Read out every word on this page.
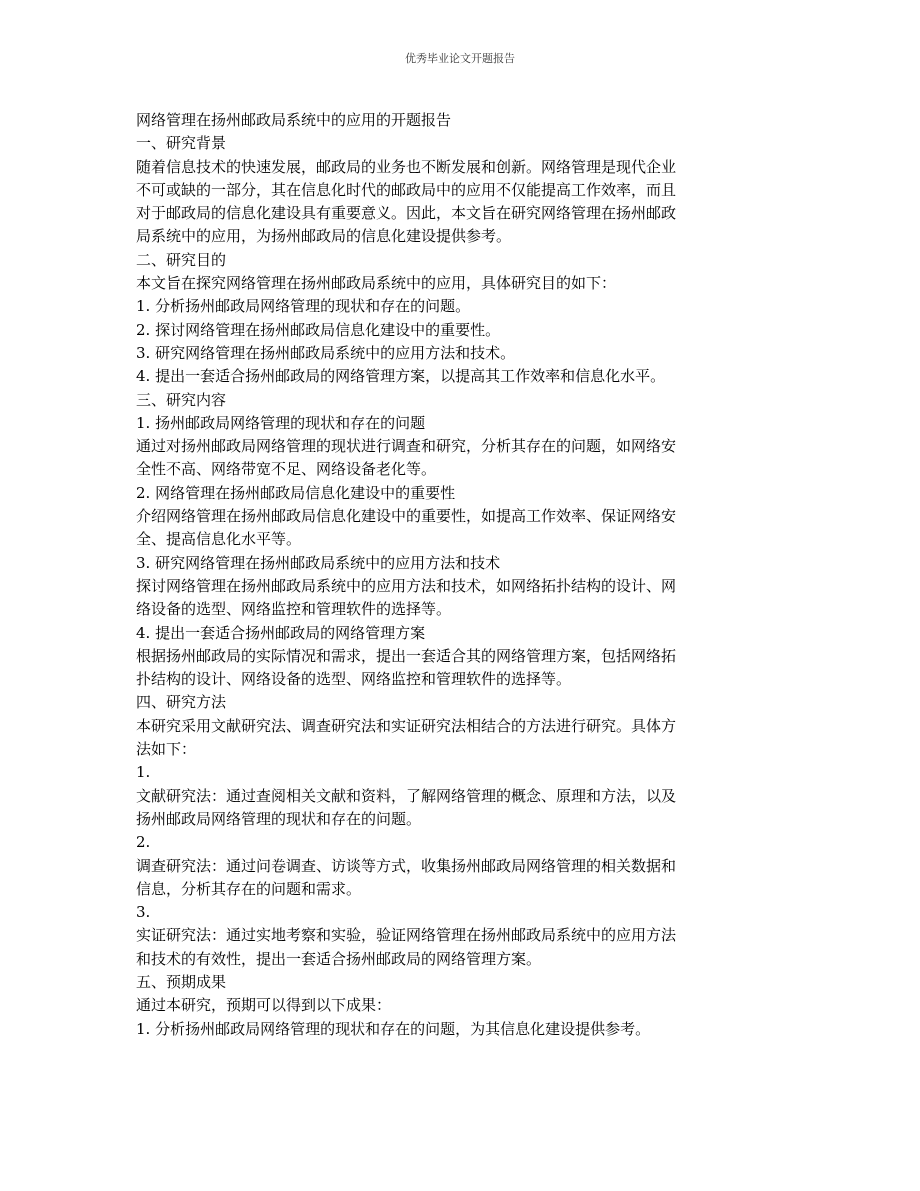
优秀毕业论文开题报告

网络管理在扬州邮政局系统中的应用的开题报告

一、研究背景

随着信息技术的快速发展，邮政局的业务也不断发展和创新。网络管理是现代企业

不可或缺的一部分，其在信息化时代的邮政局中的应用不仅能提高工作效率，而且

对于邮政局的信息化建设具有重要意义。因此，本文旨在研究网络管理在扬州邮政

局系统中的应用，为扬州邮政局的信息化建设提供参考。

二、研究目的

本文旨在探究网络管理在扬州邮政局系统中的应用，具体研究目的如下：

1. 分析扬州邮政局网络管理的现状和存在的问题。

2. 探讨网络管理在扬州邮政局信息化建设中的重要性。

3. 研究网络管理在扬州邮政局系统中的应用方法和技术。

4. 提出一套适合扬州邮政局的网络管理方案，以提高其工作效率和信息化水平。

三、研究内容

1. 扬州邮政局网络管理的现状和存在的问题

通过对扬州邮政局网络管理的现状进行调查和研究，分析其存在的问题，如网络安

全性不高、网络带宽不足、网络设备老化等。

2. 网络管理在扬州邮政局信息化建设中的重要性

介绍网络管理在扬州邮政局信息化建设中的重要性，如提高工作效率、保证网络安

全、提高信息化水平等。

3. 研究网络管理在扬州邮政局系统中的应用方法和技术

探讨网络管理在扬州邮政局系统中的应用方法和技术，如网络拓扑结构的设计、网

络设备的选型、网络监控和管理软件的选择等。

4. 提出一套适合扬州邮政局的网络管理方案

根据扬州邮政局的实际情况和需求，提出一套适合其的网络管理方案，包括网络拓

扑结构的设计、网络设备的选型、网络监控和管理软件的选择等。

四、研究方法

本研究采用文献研究法、调查研究法和实证研究法相结合的方法进行研究。具体方

法如下：

1.

文献研究法：通过查阅相关文献和资料，了解网络管理的概念、原理和方法，以及

扬州邮政局网络管理的现状和存在的问题。

2.

调查研究法：通过问卷调查、访谈等方式，收集扬州邮政局网络管理的相关数据和

信息，分析其存在的问题和需求。

3.

实证研究法：通过实地考察和实验，验证网络管理在扬州邮政局系统中的应用方法

和技术的有效性，提出一套适合扬州邮政局的网络管理方案。

五、预期成果

通过本研究，预期可以得到以下成果：

1. 分析扬州邮政局网络管理的现状和存在的问题，为其信息化建设提供参考。
